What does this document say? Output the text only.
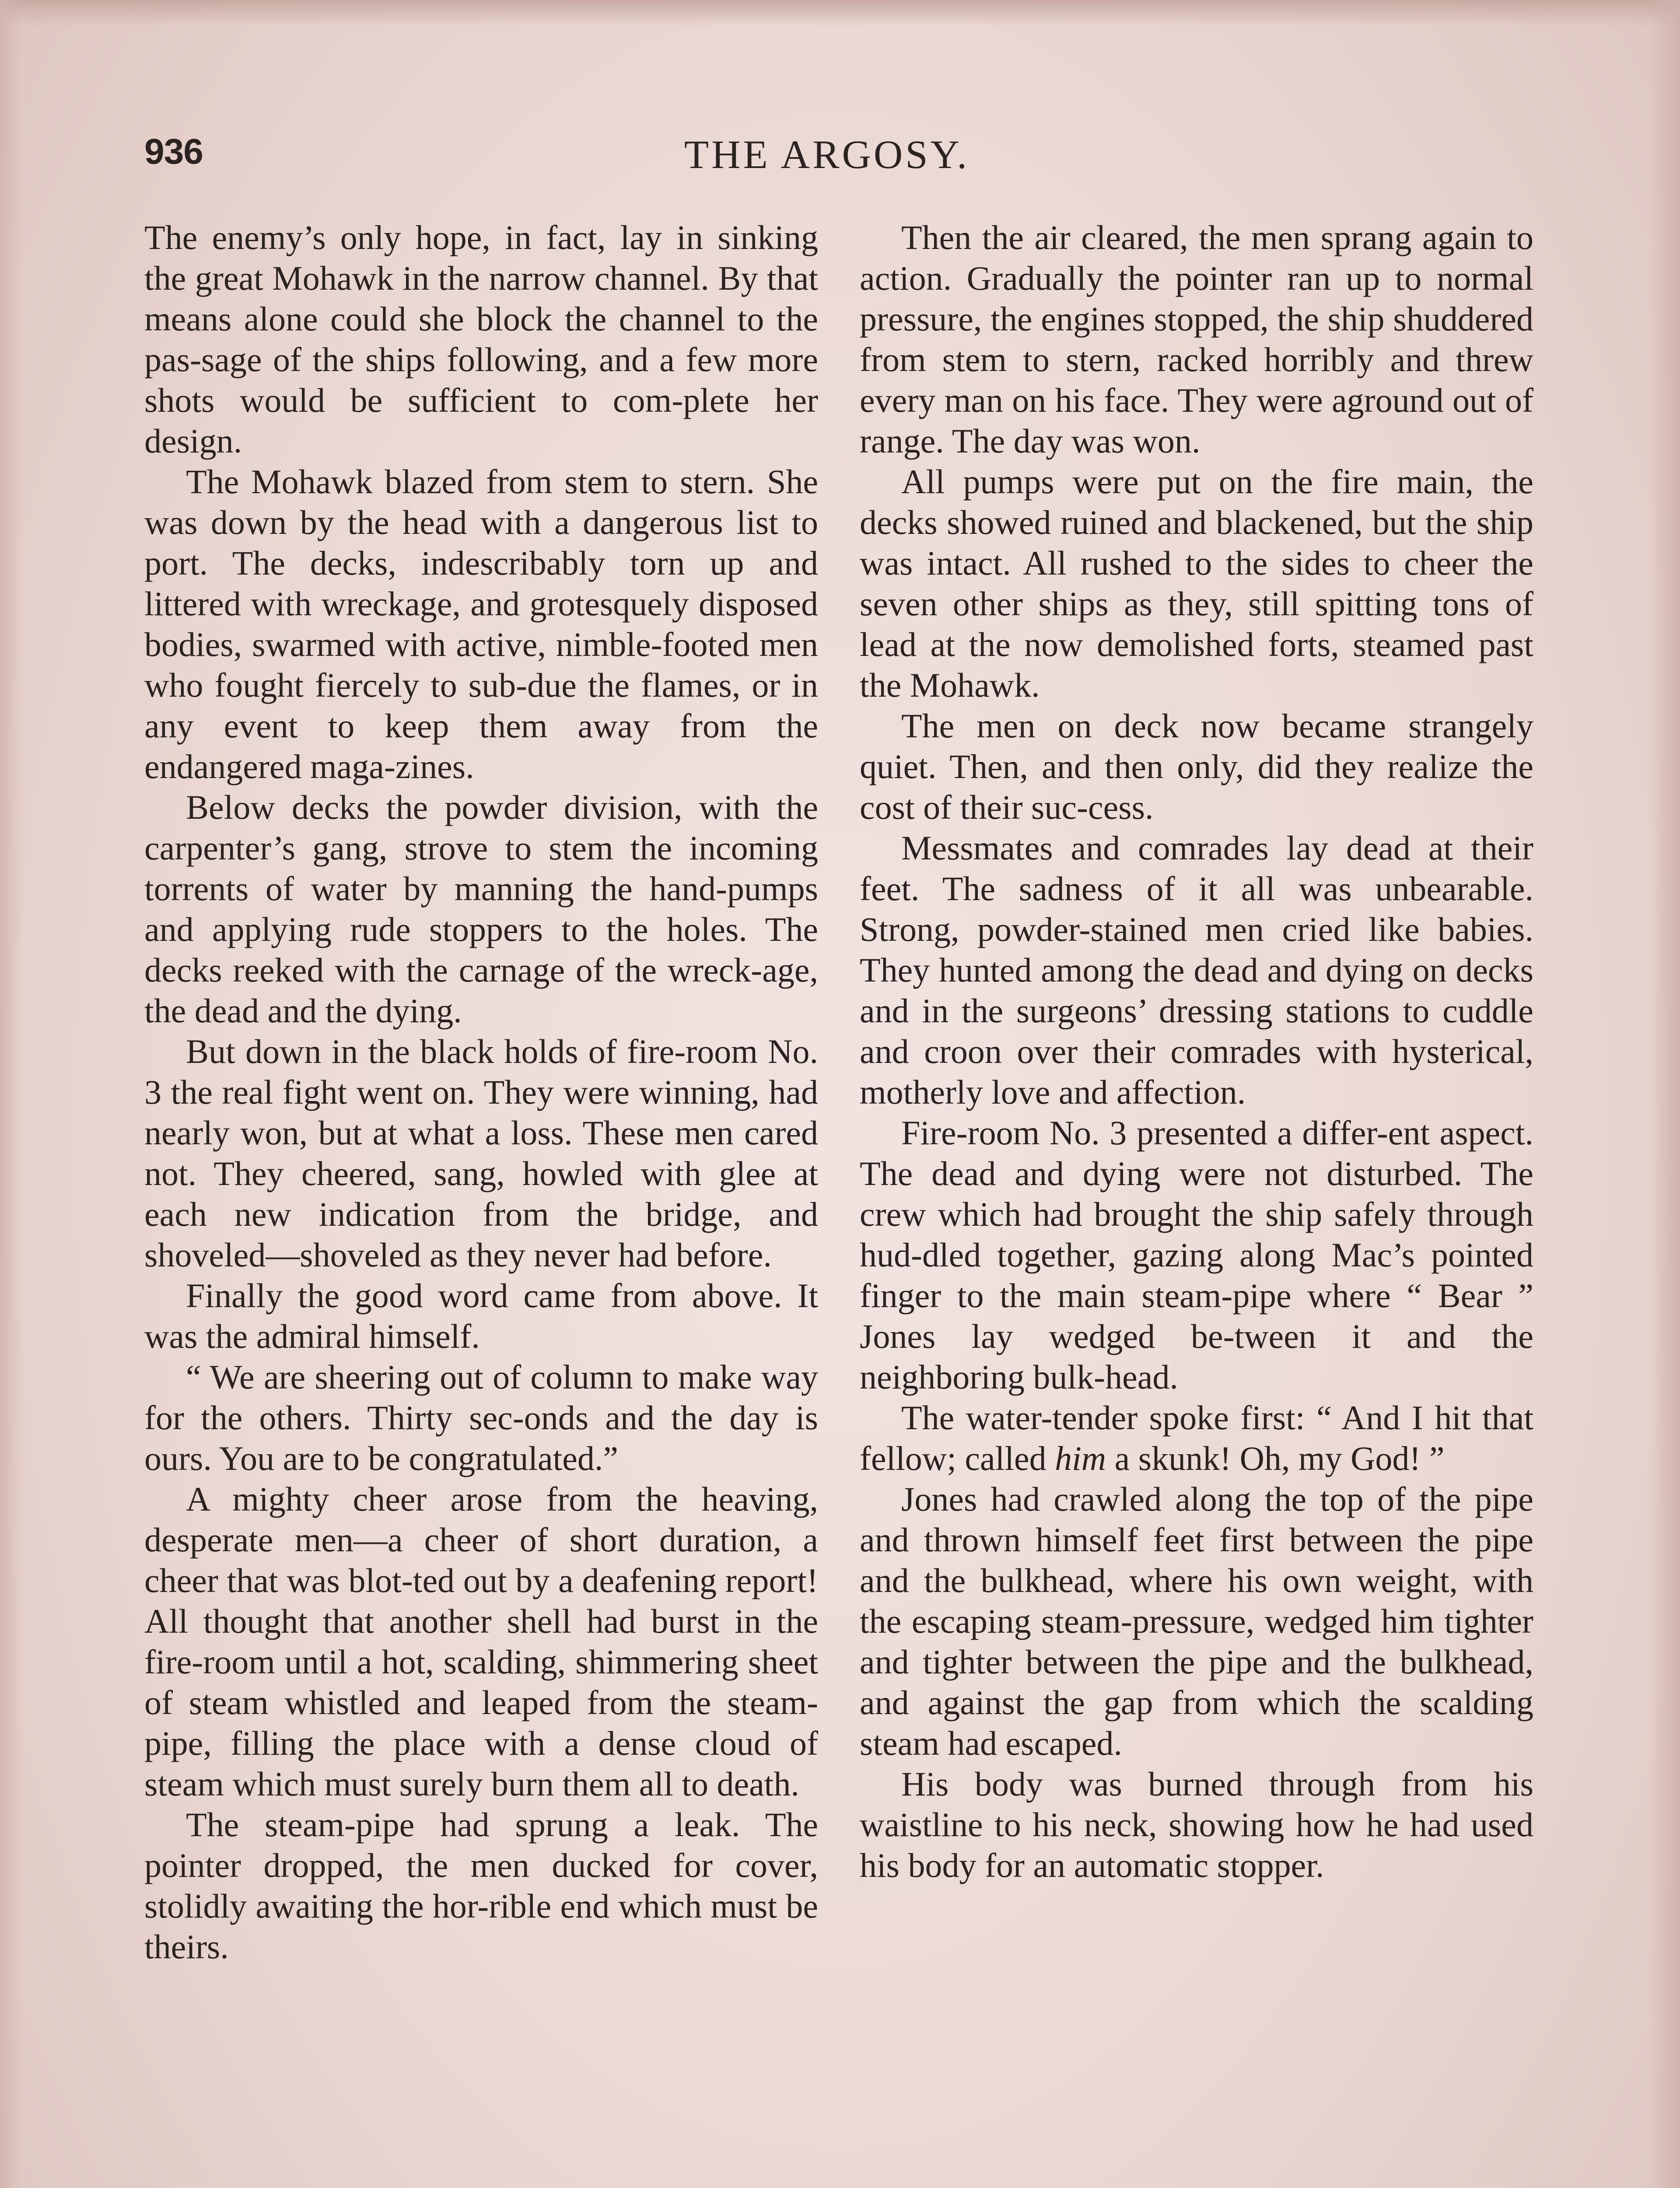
936	THE ARGOSY.

The enemy’s only hope, in fact, lay in sinking the great Mohawk in the narrow channel. By that means alone could she block the channel to the pas-sage of the ships following, and a few more shots would be sufficient to com-plete her design.

The Mohawk blazed from stem to stern. She was down by the head with a dangerous list to port. The decks, indescribably torn up and littered with wreckage, and grotesquely disposed bodies, swarmed with active, nimble-footed men who fought fiercely to sub-due the flames, or in any event to keep them away from the endangered maga-zines.

Below decks the powder division, with the carpenter’s gang, strove to stem the incoming torrents of water by manning the hand-pumps and applying rude stoppers to the holes. The decks reeked with the carnage of the wreck-age, the dead and the dying.

But down in the black holds of fire-room No. 3 the real fight went on. They were winning, had nearly won, but at what a loss. These men cared not. They cheered, sang, howled with glee at each new indication from the bridge, and shoveled—shoveled as they never had before.

Finally the good word came from above. It was the admiral himself.

“ We are sheering out of column to make way for the others. Thirty sec-onds and the day is ours. You are to be congratulated.”

A mighty cheer arose from the heaving, desperate men—a cheer of short duration, a cheer that was blot-ted out by a deafening report! All thought that another shell had burst in the fire-room until a hot, scalding, shimmering sheet of steam whistled and leaped from the steam-pipe, filling the place with a dense cloud of steam which must surely burn them all to death.

The steam-pipe had sprung a leak. The pointer dropped, the men ducked for cover, stolidly awaiting the hor-rible end which must be theirs.

Then the air cleared, the men sprang again to action. Gradually the pointer ran up to normal pressure, the engines stopped, the ship shuddered from stem to stern, racked horribly and threw every man on his face. They were aground out of range. The day was won.

All pumps were put on the fire main, the decks showed ruined and blackened, but the ship was intact. All rushed to the sides to cheer the seven other ships as they, still spitting tons of lead at the now demolished forts, steamed past the Mohawk.

The men on deck now became strangely quiet. Then, and then only, did they realize the cost of their suc-cess.

Messmates and comrades lay dead at their feet. The sadness of it all was unbearable. Strong, powder-stained men cried like babies. They hunted among the dead and dying on decks and in the surgeons’ dressing stations to cuddle and croon over their comrades with hysterical, motherly love and affection.

Fire-room No. 3 presented a differ-ent aspect. The dead and dying were not disturbed. The crew which had brought the ship safely through hud-dled together, gazing along Mac’s pointed finger to the main steam-pipe where “ Bear ” Jones lay wedged be-tween it and the neighboring bulk-head.

The water-tender spoke first: “ And I hit that fellow; called him a skunk! Oh, my God! ”

Jones had crawled along the top of the pipe and thrown himself feet first between the pipe and the bulkhead, where his own weight, with the escaping steam-pressure, wedged him tighter and tighter between the pipe and the bulkhead, and against the gap from which the scalding steam had escaped.

His body was burned through from his waistline to his neck, showing how he had used his body for an automatic stopper.
